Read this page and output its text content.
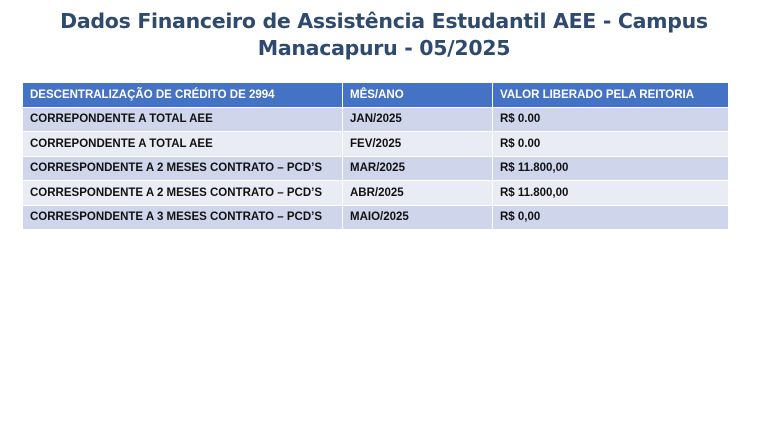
Dados Financeiro de Assistência Estudantil AEE - Campus Manacapuru - 05/2025
DESCENTRALIZAÇÃO DE CRÉDITO DE 2994	MÊS/ANO	VALOR LIBERADO PELA REITORIA
CORREPONDENTE A TOTAL AEE	JAN/2025	R$ 0.00
CORREPONDENTE A TOTAL AEE	FEV/2025	R$ 0.00
CORRESPONDENTE A 2 MESES CONTRATO – PCD’S	MAR/2025	R$ 11.800,00
CORRESPONDENTE A 2 MESES CONTRATO – PCD’S	ABR/2025	R$ 11.800,00
CORRESPONDENTE A 3 MESES CONTRATO – PCD’S	MAIO/2025	R$ 0,00
